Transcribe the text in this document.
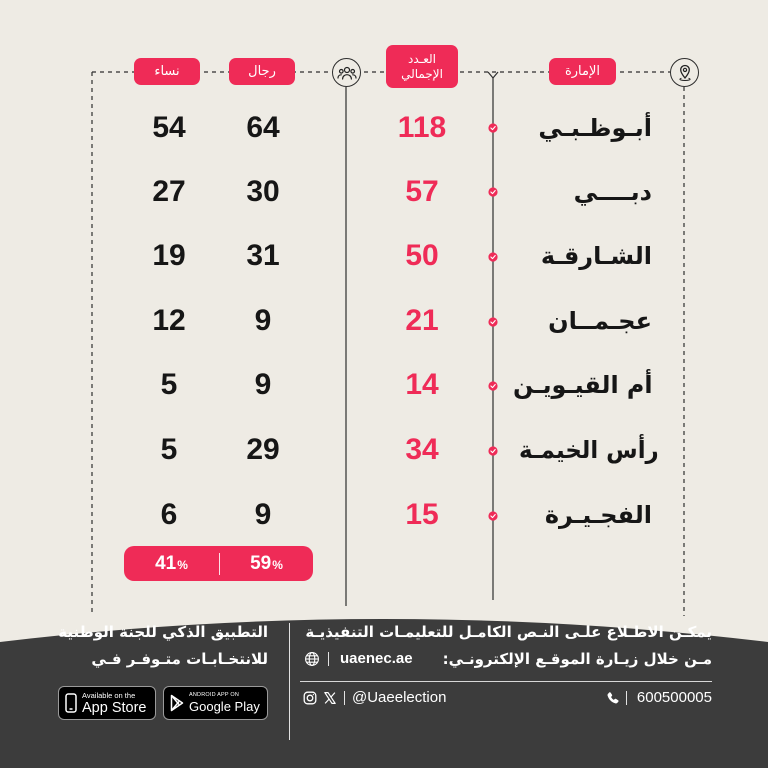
الإمارة
العـدد
الإجمالي
رجال
نساء
أبـوظـبـي
118
64
54
دبــــي
57
30
27
الشـارقـة
50
31
19
عجـمــان
21
9
12
أم القيـويـن
14
9
5
رأس الخيمـة
34
29
5
الفجـيـرة
15
9
6
41 %	59 %
يمكـن الاطـلاع علـى النـص الكامـل للتعليمـات التنفيذيـة
مـن خلال زيـارة الموقـع الإلكترونـي:
uaenec.ae
600500005
@Uaeelection
التطبيق الذكي للجنة الوطنية
للانتخـابـات متـوفـر فـي
Available on the
App Store
ANDROID APP ON
Google Play
